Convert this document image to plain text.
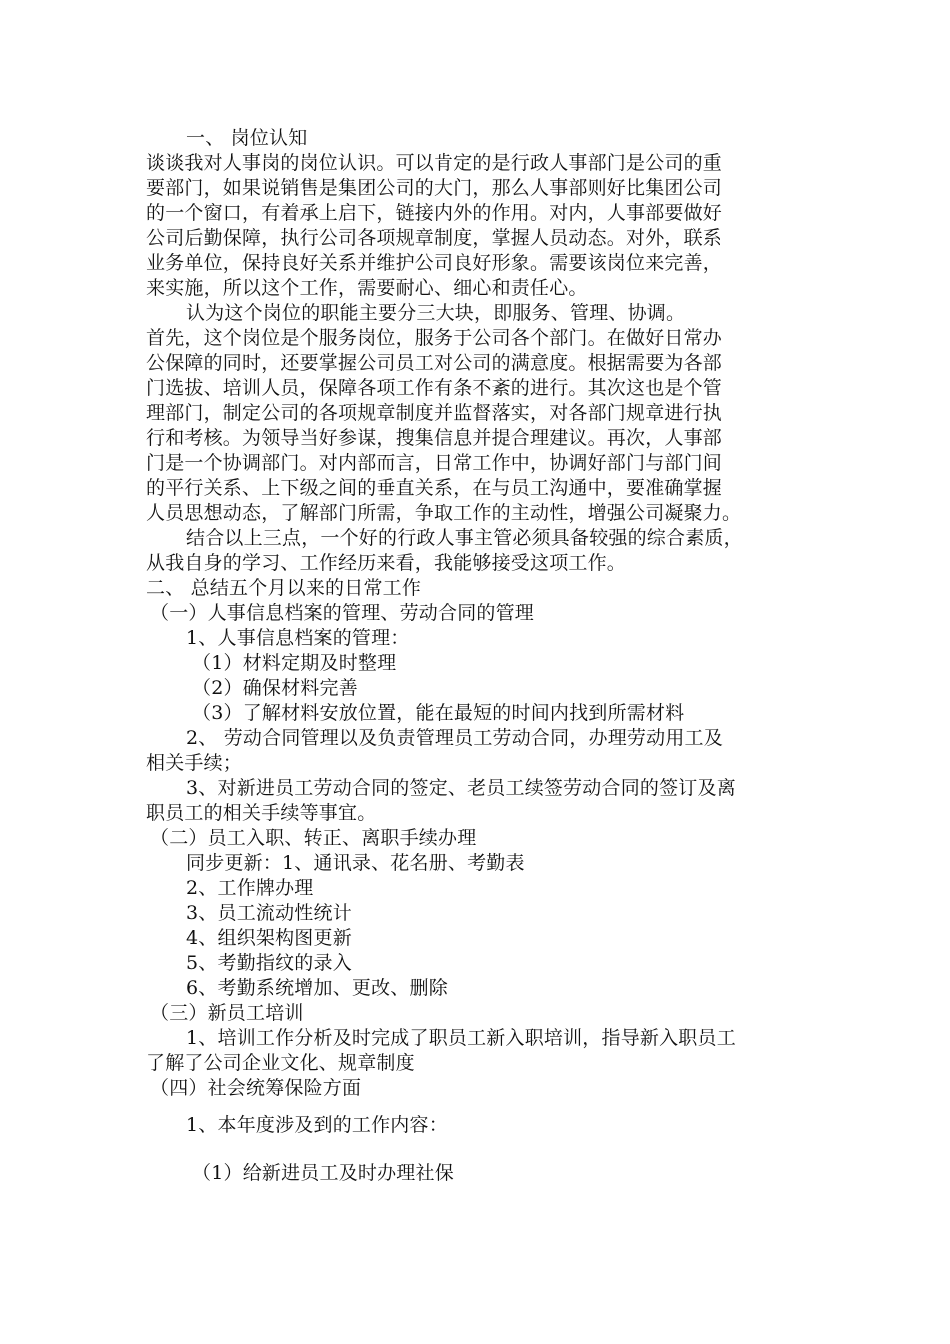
一、 岗位认知
谈谈我对人事岗的岗位认识。可以肯定的是行政人事部门是公司的重
要部门，如果说销售是集团公司的大门，那么人事部则好比集团公司
的一个窗口，有着承上启下，链接内外的作用。对内，人事部要做好
公司后勤保障，执行公司各项规章制度，掌握人员动态。对外，联系
业务单位，保持良好关系并维护公司良好形象。需要该岗位来完善，
来实施，所以这个工作，需要耐心、细心和责任心。
认为这个岗位的职能主要分三大块，即服务、管理、协调。
首先，这个岗位是个服务岗位，服务于公司各个部门。在做好日常办
公保障的同时，还要掌握公司员工对公司的满意度。根据需要为各部
门选拔、培训人员，保障各项工作有条不紊的进行。其次这也是个管
理部门，制定公司的各项规章制度并监督落实，对各部门规章进行执
行和考核。为领导当好参谋，搜集信息并提合理建议。再次，人事部
门是一个协调部门。对内部而言，日常工作中，协调好部门与部门间
的平行关系、上下级之间的垂直关系，在与员工沟通中，要准确掌握
人员思想动态，了解部门所需，争取工作的主动性，增强公司凝聚力。
结合以上三点，一个好的行政人事主管必须具备较强的综合素质，
从我自身的学习、工作经历来看，我能够接受这项工作。
二、 总结五个月以来的日常工作
（一）人事信息档案的管理、劳动合同的管理
1、人事信息档案的管理：
（1）材料定期及时整理
（2）确保材料完善
（3）了解材料安放位置，能在最短的时间内找到所需材料
2、 劳动合同管理以及负责管理员工劳动合同，办理劳动用工及
相关手续；
3、对新进员工劳动合同的签定、老员工续签劳动合同的签订及离
职员工的相关手续等事宜。
（二）员工入职、转正、离职手续办理
同步更新：1、通讯录、花名册、考勤表
2、工作牌办理
3、员工流动性统计
4、组织架构图更新
5、考勤指纹的录入
6、考勤系统增加、更改、删除
（三）新员工培训
1、培训工作分析及时完成了职员工新入职培训，指导新入职员工
了解了公司企业文化、规章制度
（四）社会统筹保险方面
1、本年度涉及到的工作内容：
（1）给新进员工及时办理社保
